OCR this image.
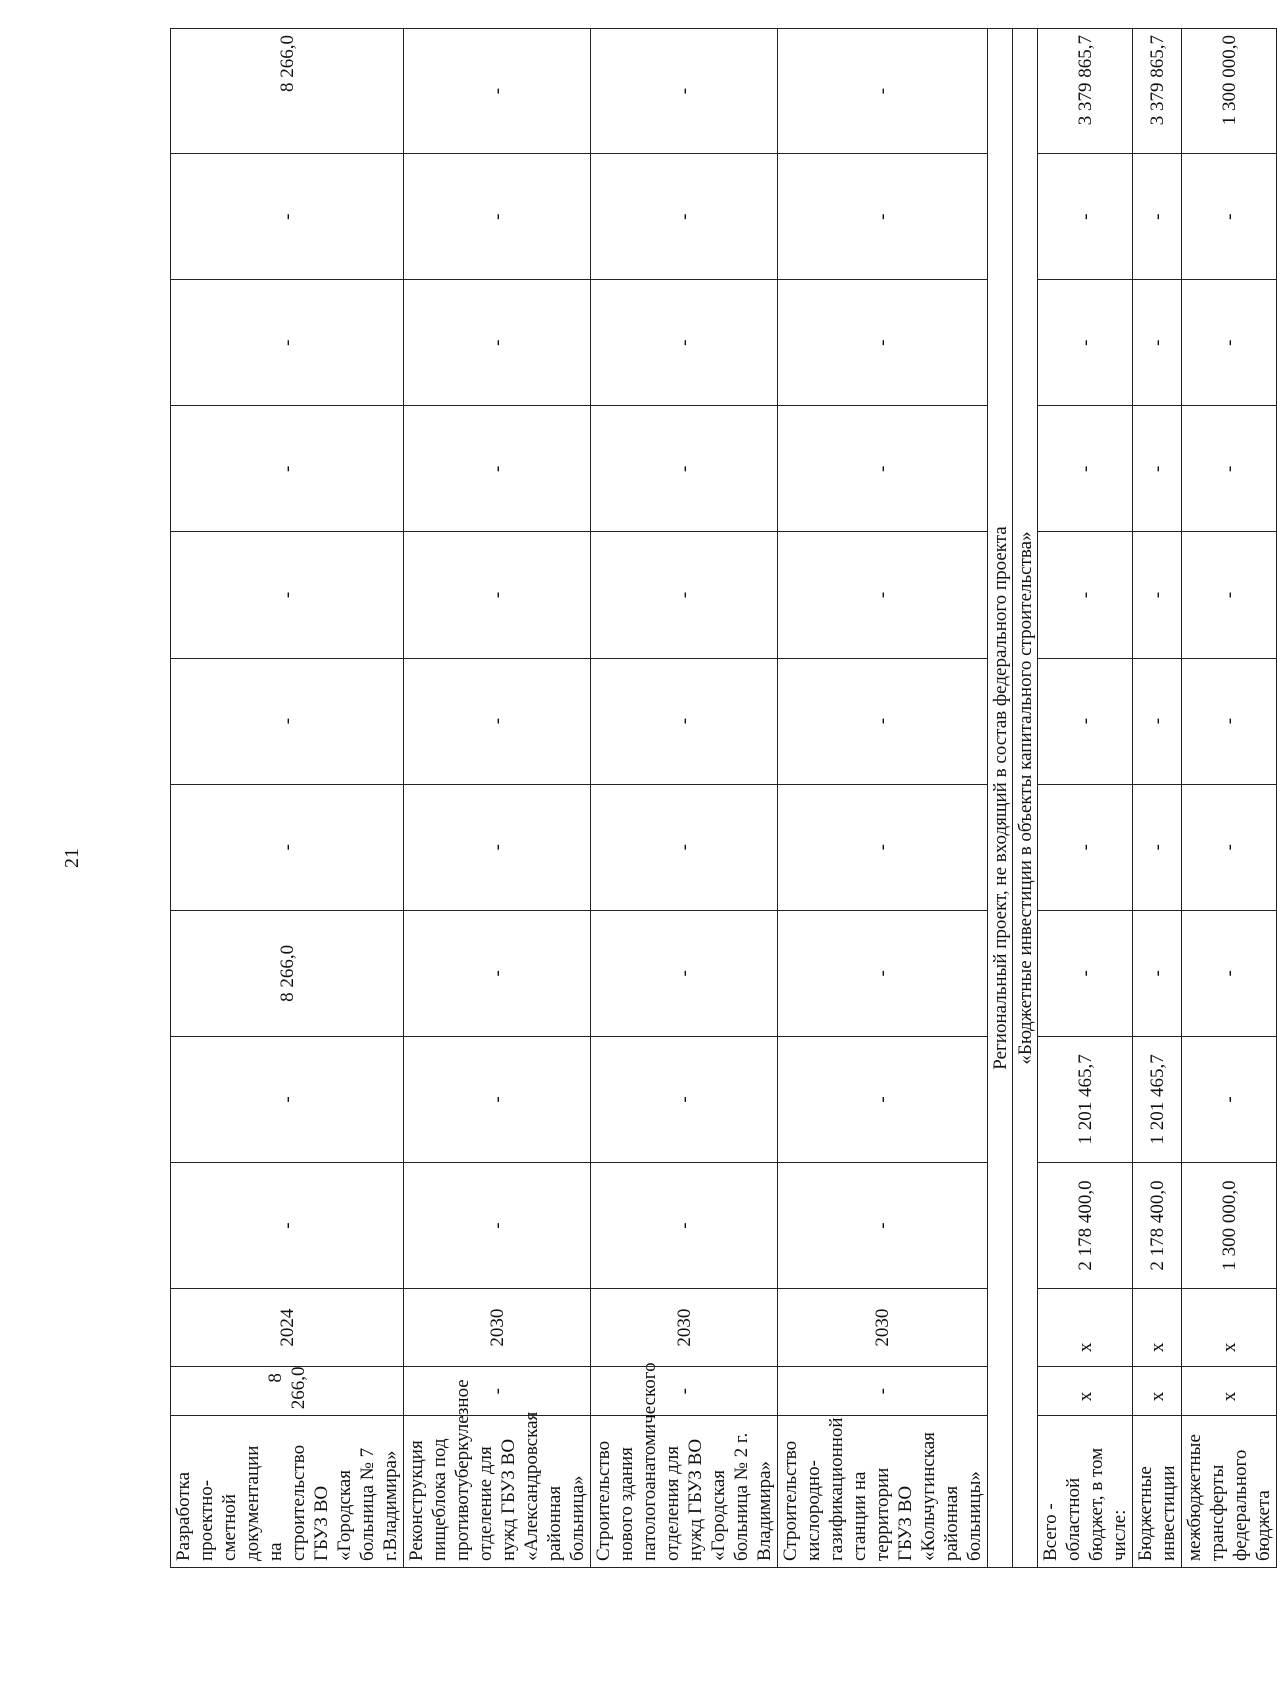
21
Разработка проектно-сметной документации на строительство ГБУЗ ВО «Городская больница № 7 г.Владимира»	8 266,0	2024	-	-	8 266,0	-	-	-	-	-	-	8 266,0
Реконструкция пищеблока под противотуберкулезное отделение для нужд ГБУЗ ВО «Александровская районная больница»	-	2030	-	-	-	-	-	-	-	-	-	-
Строительство нового здания патологоанатомического отделения для нужд ГБУЗ ВО «Городская больница № 2 г. Владимира»	-	2030	-	-	-	-	-	-	-	-	-	-
Строительство кислородно-газификационной станции на территории ГБУЗ ВО «Кольчугинская районная больницы»	-	2030	-	-	-	-	-	-	-	-	-	-
Региональный проект, не входящий в состав федерального проекта												
«Бюджетные инвестиции в объекты капитального строительства»												
Всего - областной бюджет, в том числе:	х	х	2 178 400,0	1 201 465,7	-	-	-	-	-	-	-	3 379 865,7
Бюджетные инвестиции	х	х	2 178 400,0	1 201 465,7	-	-	-	-	-	-	-	3 379 865,7
межбюджетные трансферты федерального бюджета	х	х	1 300 000,0	-	-	-	-	-	-	-	-	1 300 000,0
